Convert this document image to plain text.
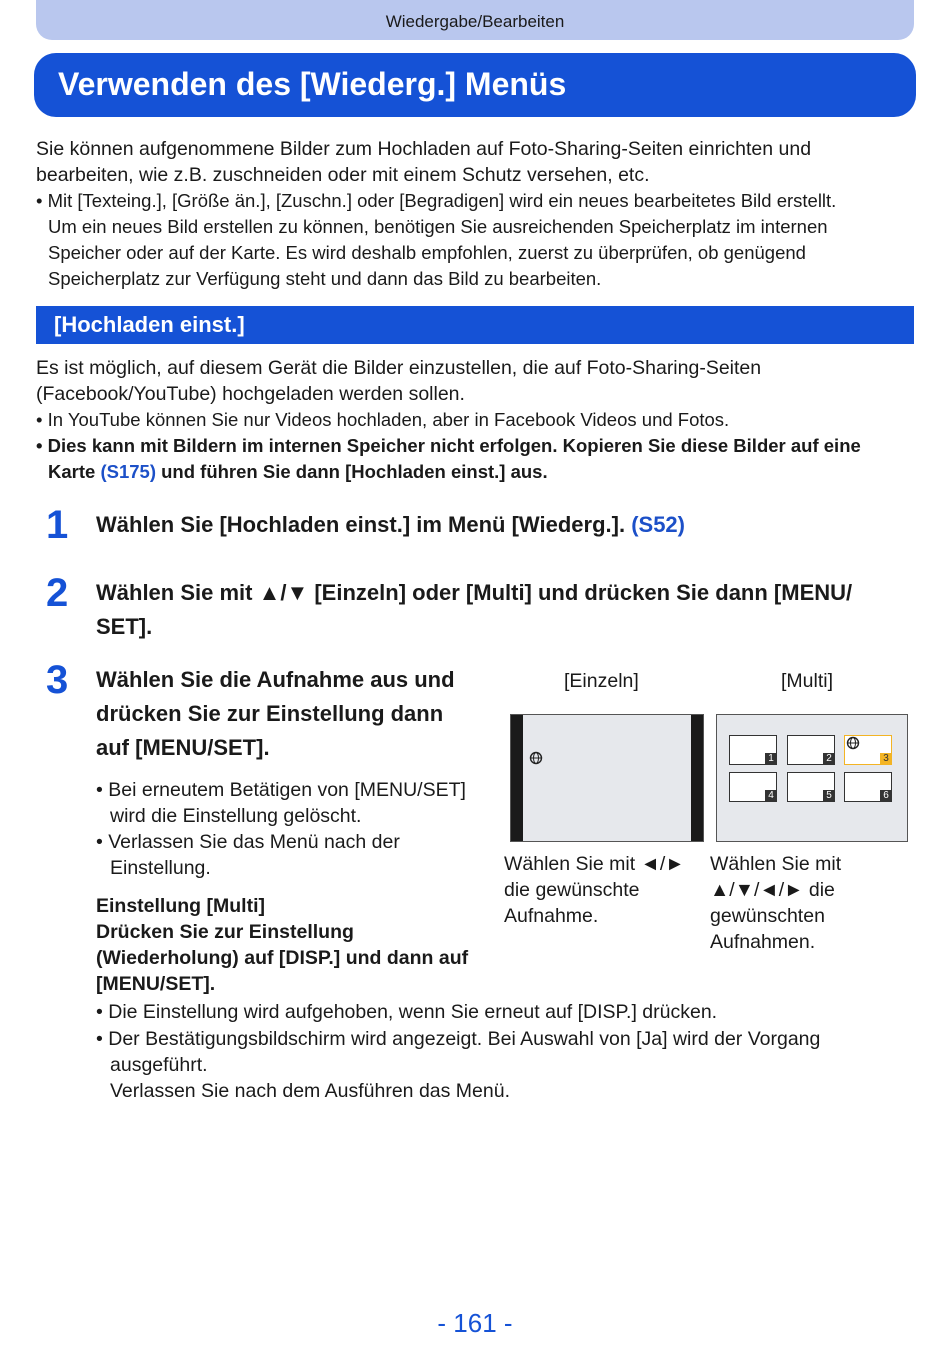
Wiedergabe/Bearbeiten
Verwenden des [Wiederg.] Menüs
Sie können aufgenommene Bilder zum Hochladen auf Foto-Sharing-Seiten einrichten und
bearbeiten, wie z.B. zuschneiden oder mit einem Schutz versehen, etc.
• Mit [Texteing.], [Größe än.], [Zuschn.] oder [Begradigen] wird ein neues bearbeitetes Bild erstellt.
Um ein neues Bild erstellen zu können, benötigen Sie ausreichenden Speicherplatz im internen
Speicher oder auf der Karte. Es wird deshalb empfohlen, zuerst zu überprüfen, ob genügend
Speicherplatz zur Verfügung steht und dann das Bild zu bearbeiten.
[Hochladen einst.]
Es ist möglich, auf diesem Gerät die Bilder einzustellen, die auf Foto-Sharing-Seiten
(Facebook/YouTube) hochgeladen werden sollen.
• In YouTube können Sie nur Videos hochladen, aber in Facebook Videos und Fotos.
• Dies kann mit Bildern im internen Speicher nicht erfolgen. Kopieren Sie diese Bilder auf eine
Karte (S175) und führen Sie dann [Hochladen einst.] aus.
1 Wählen Sie [Hochladen einst.] im Menü [Wiederg.]. (S52)
2 Wählen Sie mit ▲/▼ [Einzeln] oder [Multi] und drücken Sie dann [MENU/
SET].
3 Wählen Sie die Aufnahme aus und
drücken Sie zur Einstellung dann
auf [MENU/SET].
• Bei erneutem Betätigen von [MENU/SET]
wird die Einstellung gelöscht.
• Verlassen Sie das Menü nach der
Einstellung.
Einstellung [Multi]
Drücken Sie zur Einstellung
(Wiederholung) auf [DISP.] und dann auf
[MENU/SET].
• Die Einstellung wird aufgehoben, wenn Sie erneut auf [DISP.] drücken.
• Der Bestätigungsbildschirm wird angezeigt. Bei Auswahl von [Ja] wird der Vorgang
ausgeführt.
Verlassen Sie nach dem Ausführen das Menü.
[Einzeln]	[Multi]
1	2	3
4	5	6
Wählen Sie mit ◄/►
die gewünschte
Aufnahme.
Wählen Sie mit
▲/▼/◄/► die
gewünschten
Aufnahmen.
- 161 -
